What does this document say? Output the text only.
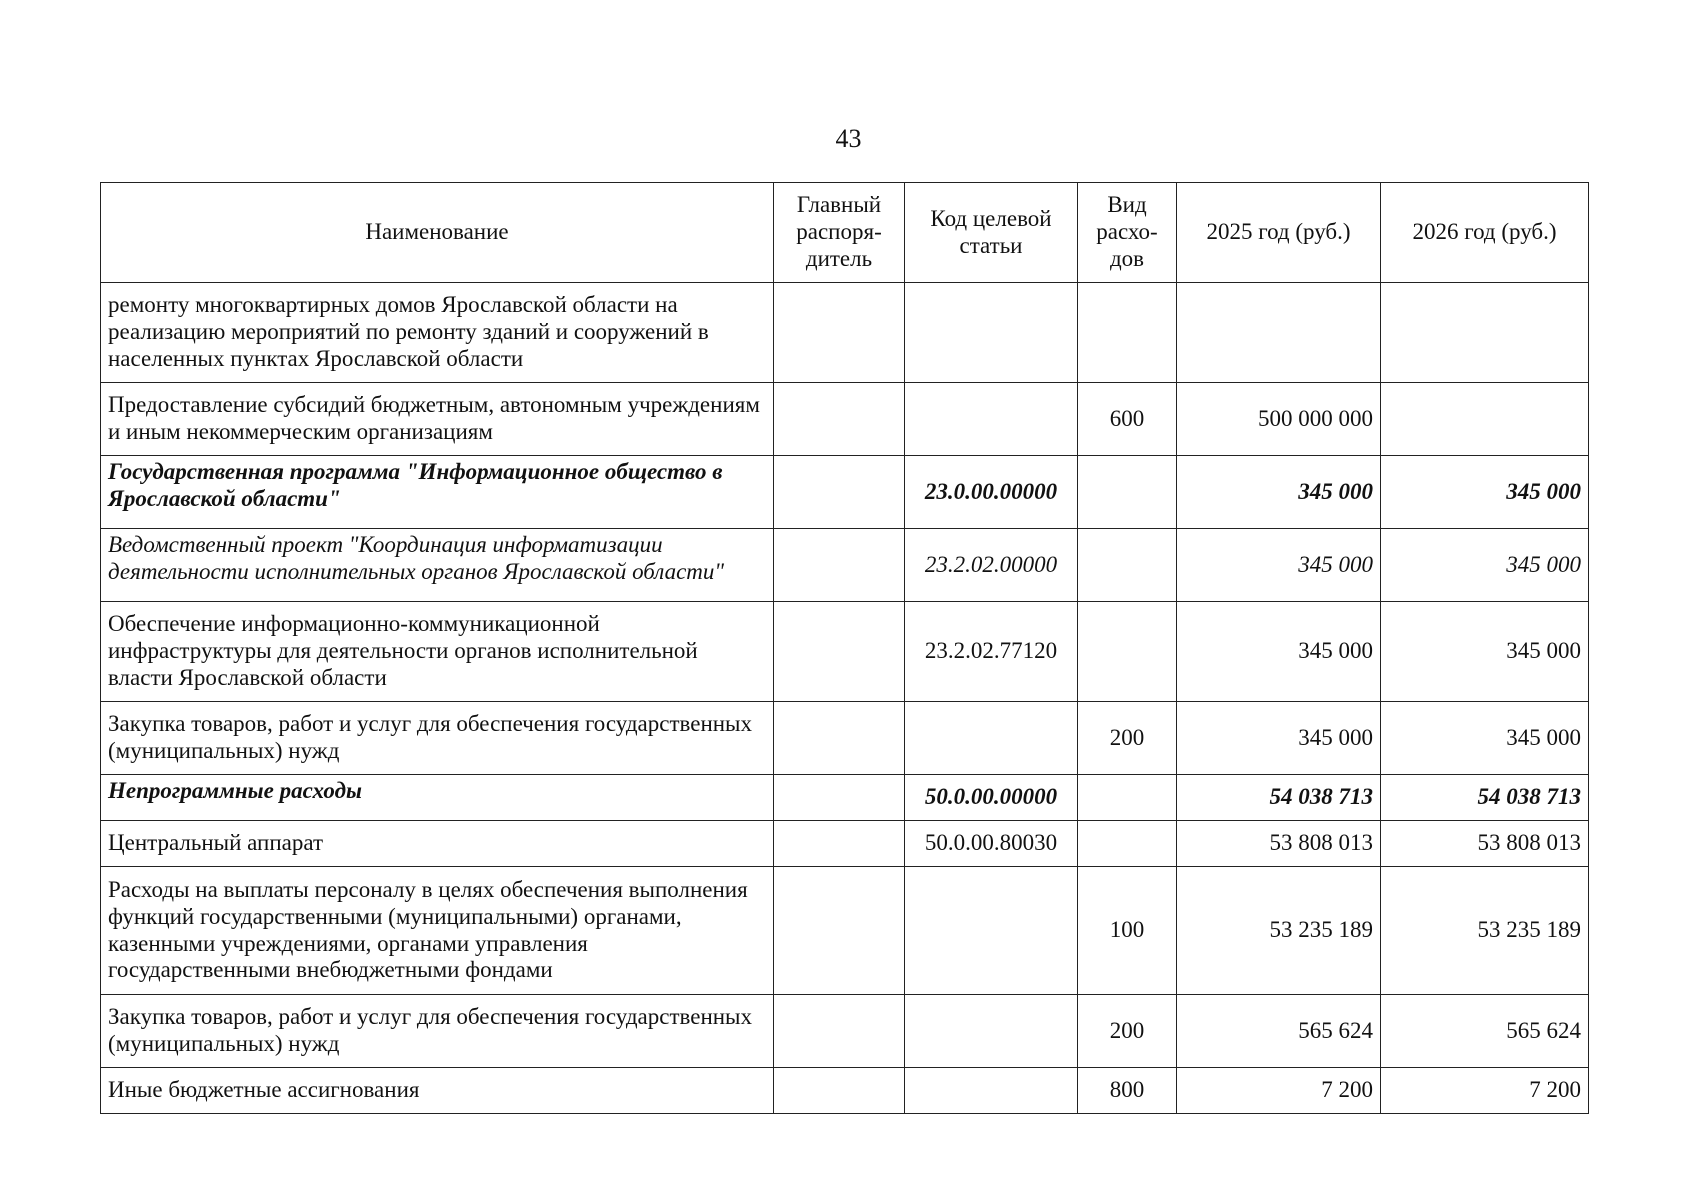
43
Наименование	Главный распоря-дитель	Код целевой статьи	Вид расхо-дов	2025 год (руб.)	2026 год (руб.)
ремонту многоквартирных домов Ярославской области на реализацию мероприятий по ремонту зданий и сооружений в населенных пунктах Ярославской области					
Предоставление субсидий бюджетным, автономным учреждениям и иным некоммерческим организациям			600	500 000 000	
Государственная программа "Информационное общество в Ярославской области"		23.0.00.00000		345 000	345 000
Ведомственный проект "Координация информатизации деятельности исполнительных органов Ярославской области"		23.2.02.00000		345 000	345 000
Обеспечение информационно-коммуникационной инфраструктуры для деятельности органов исполнительной власти Ярославской области		23.2.02.77120		345 000	345 000
Закупка товаров, работ и услуг для обеспечения государственных (муниципальных) нужд			200	345 000	345 000
Непрограммные расходы		50.0.00.00000		54 038 713	54 038 713
Центральный аппарат		50.0.00.80030		53 808 013	53 808 013
Расходы на выплаты персоналу в целях обеспечения выполнения функций государственными (муниципальными) органами, казенными учреждениями, органами управления государственными внебюджетными фондами			100	53 235 189	53 235 189
Закупка товаров, работ и услуг для обеспечения государственных (муниципальных) нужд			200	565 624	565 624
Иные бюджетные ассигнования			800	7 200	7 200
